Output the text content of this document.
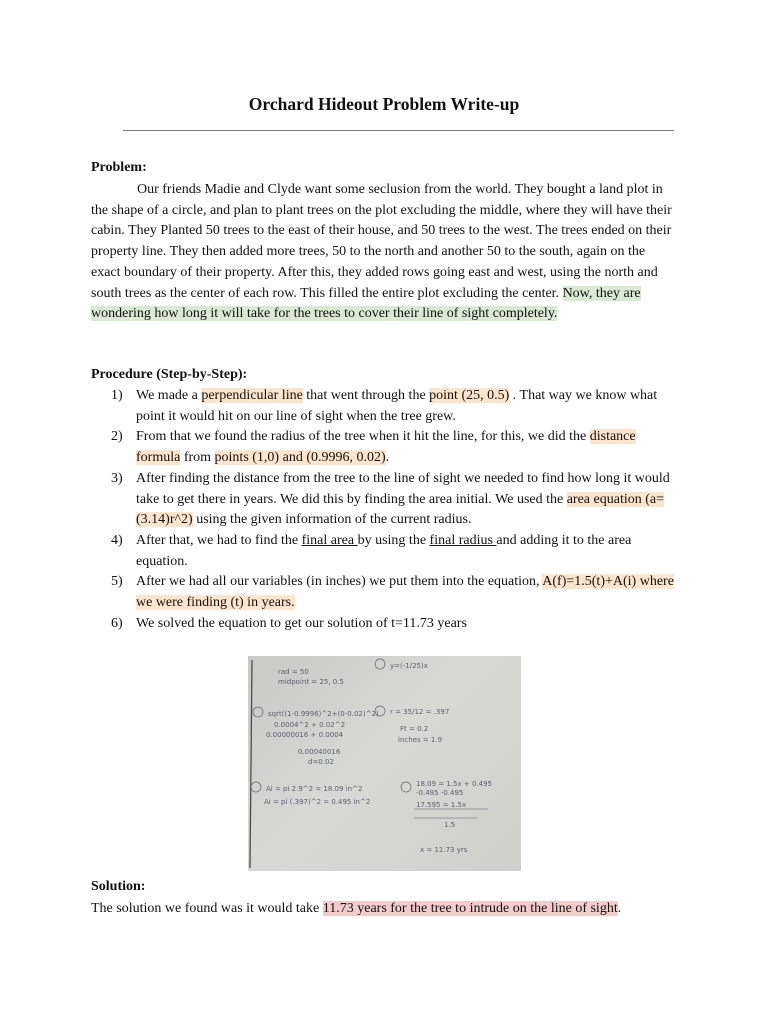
Orchard Hideout Problem Write-up
Problem:
Our friends Madie and Clyde want some seclusion from the world. They bought a land plot in the shape of a circle, and plan to plant trees on the plot excluding the middle, where they will have their cabin. They Planted 50 trees to the east of their house, and 50 trees to the west. The trees ended on their property line. They then added more trees, 50 to the north and another 50 to the south, again on the exact boundary of their property. After this, they added rows going east and west, using the north and south trees as the center of each row. This filled the entire plot excluding the center. Now, they are wondering how long it will take for the trees to cover their line of sight completely.
Procedure (Step-by-Step):
1) We made a perpendicular line that went through the point (25, 0.5) . That way we know what point it would hit on our line of sight when the tree grew.
2) From that we found the radius of the tree when it hit the line, for this, we did the distance formula from points (1,0) and (0.9996, 0.02).
3) After finding the distance from the tree to the line of sight we needed to find how long it would take to get there in years. We did this by finding the area initial. We used the area equation (a=(3.14)r^2) using the given information of the current radius.
4) After that, we had to find the final area by using the final radius and adding it to the area equation.
5) After we had all our variables (in inches) we put them into the equation, A(f)=1.5(t)+A(i) where we were finding (t) in years.
6) We solved the equation to get our solution of t=11.73 years
rad = 50
midpoint = 25, 0.5
y=(-1/25)x
sqrt((1-0.9996)^2+(0-0.02)^2)
0.0004^2 + 0.02^2
0.00000016 + 0.0004
0.00040016
d=0.02
r = 35/12 = .397
Ft = 0.2
inches = 1.9
Ai = pi 2.9^2 = 18.09 in^2
Ai = pi (.397)^2 = 0.495 in^2
18.09 = 1.5x + 0.495
-0.495 -0.495
17.595 = 1.5x
1.5
x = 11.73 yrs
Solution:
The solution we found was it would take 11.73 years for the tree to intrude on the line of sight.
